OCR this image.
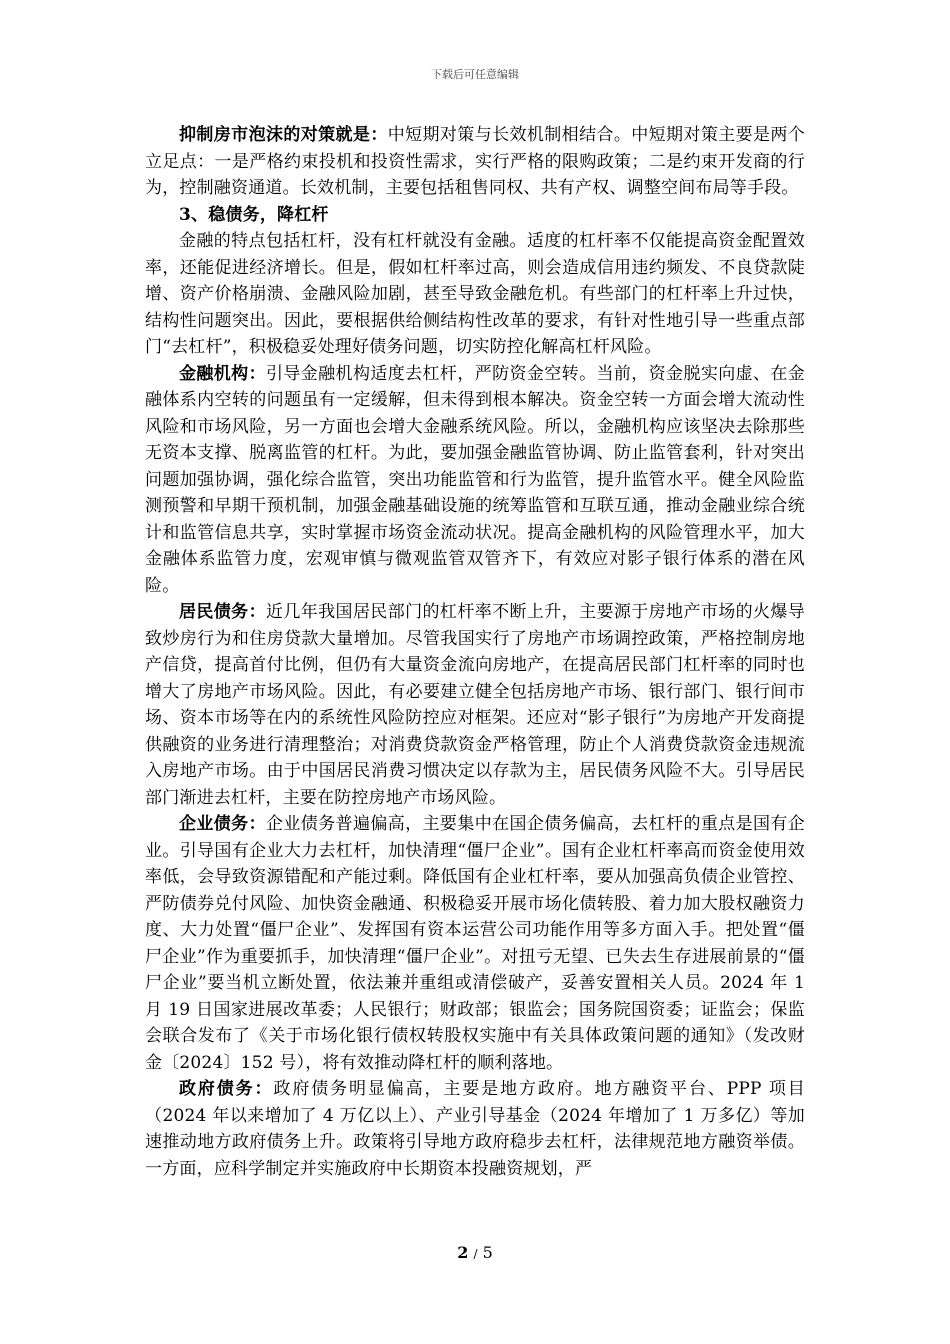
下载后可任意编辑

抑制房市泡沫的对策就是：中短期对策与长效机制相结合。中短期对策主要是两个立足点：一是严格约束投机和投资性需求，实行严格的限购政策；二是约束开发商的行为，控制融资通道。长效机制，主要包括租售同权、共有产权、调整空间布局等手段。

3、稳债务，降杠杆

金融的特点包括杠杆，没有杠杆就没有金融。适度的杠杆率不仅能提高资金配置效率，还能促进经济增长。但是，假如杠杆率过高，则会造成信用违约频发、不良贷款陡增、资产价格崩溃、金融风险加剧，甚至导致金融危机。有些部门的杠杆率上升过快，结构性问题突出。因此，要根据供给侧结构性改革的要求，有针对性地引导一些重点部门“去杠杆”，积极稳妥处理好债务问题，切实防控化解高杠杆风险。

金融机构：引导金融机构适度去杠杆，严防资金空转。当前，资金脱实向虚、在金融体系内空转的问题虽有一定缓解，但未得到根本解决。资金空转一方面会增大流动性风险和市场风险，另一方面也会增大金融系统风险。所以，金融机构应该坚决去除那些无资本支撑、脱离监管的杠杆。为此，要加强金融监管协调、防止监管套利，针对突出问题加强协调，强化综合监管，突出功能监管和行为监管，提升监管水平。健全风险监测预警和早期干预机制，加强金融基础设施的统筹监管和互联互通，推动金融业综合统计和监管信息共享，实时掌握市场资金流动状况。提高金融机构的风险管理水平，加大金融体系监管力度，宏观审慎与微观监管双管齐下，有效应对影子银行体系的潜在风险。

居民债务：近几年我国居民部门的杠杆率不断上升，主要源于房地产市场的火爆导致炒房行为和住房贷款大量增加。尽管我国实行了房地产市场调控政策，严格控制房地产信贷，提高首付比例，但仍有大量资金流向房地产，在提高居民部门杠杆率的同时也增大了房地产市场风险。因此，有必要建立健全包括房地产市场、银行部门、银行间市场、资本市场等在内的系统性风险防控应对框架。还应对“影子银行”为房地产开发商提供融资的业务进行清理整治；对消费贷款资金严格管理，防止个人消费贷款资金违规流入房地产市场。由于中国居民消费习惯决定以存款为主，居民债务风险不大。引导居民部门渐进去杠杆，主要在防控房地产市场风险。

企业债务：企业债务普遍偏高，主要集中在国企债务偏高，去杠杆的重点是国有企业。引导国有企业大力去杠杆，加快清理“僵尸企业”。国有企业杠杆率高而资金使用效率低，会导致资源错配和产能过剩。降低国有企业杠杆率，要从加强高负债企业管控、严防债券兑付风险、加快资金融通、积极稳妥开展市场化债转股、着力加大股权融资力度、大力处置“僵尸企业”、发挥国有资本运营公司功能作用等多方面入手。把处置“僵尸企业”作为重要抓手，加快清理“僵尸企业”。对扭亏无望、已失去生存进展前景的“僵尸企业”要当机立断处置，依法兼并重组或清偿破产，妥善安置相关人员。2024 年 1 月 19 日国家进展改革委；人民银行；财政部；银监会；国务院国资委；证监会；保监会联合发布了《关于市场化银行债权转股权实施中有关具体政策问题的通知》（发改财金〔2024〕152 号），将有效推动降杠杆的顺利落地。

政府债务：政府债务明显偏高，主要是地方政府。地方融资平台、PPP 项目（2024 年以来增加了 4 万亿以上）、产业引导基金（2024 年增加了 1 万多亿）等加速推动地方政府债务上升。政策将引导地方政府稳步去杠杆，法律规范地方融资举债。一方面，应科学制定并实施政府中长期资本投融资规划，严

2 / 5
